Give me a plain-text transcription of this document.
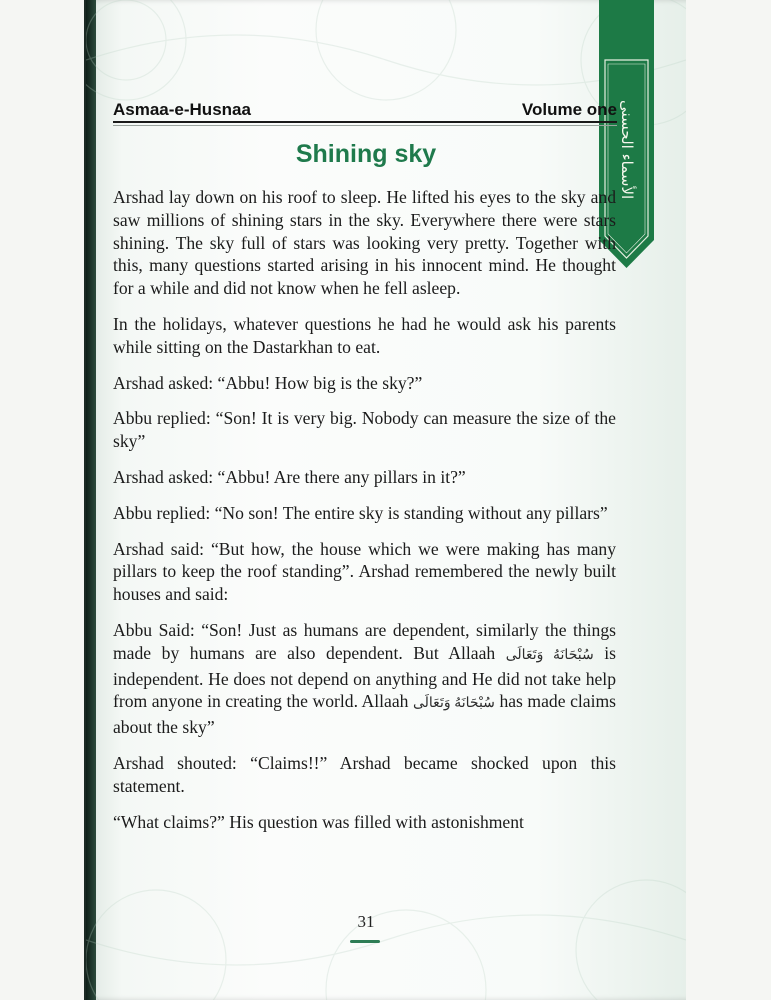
الأسماء الحسنى
Asmaa-e-Husnaa	Volume one
Shining sky

Arshad lay down on his roof to sleep. He lifted his eyes to the sky and saw millions of shining stars in the sky. Everywhere there were stars shining. The sky full of stars was looking very pretty. Together with this, many questions started arising in his innocent mind. He thought for a while and did not know when he fell asleep.

In the holidays, whatever questions he had he would ask his parents while sitting on the Dastarkhan to eat.

Arshad asked: “Abbu! How big is the sky?”

Abbu replied: “Son! It is very big. Nobody can measure the size of the sky”

Arshad asked: “Abbu! Are there any pillars in it?”

Abbu replied: “No son! The entire sky is standing without any pillars”

Arshad said: “But how, the house which we were making has many pillars to keep the roof standing”. Arshad remembered the newly built houses and said:

Abbu Said: “Son! Just as humans are dependent, similarly the things made by humans are also dependent. But Allaah سُبْحَانَهُ وَتَعَالَى is independent. He does not depend on anything and He did not take help from anyone in creating the world. Allaah سُبْحَانَهُ وَتَعَالَى has made claims about the sky”

Arshad shouted: “Claims!!” Arshad became shocked upon this statement.

“What claims?” His question was filled with astonishment

31
